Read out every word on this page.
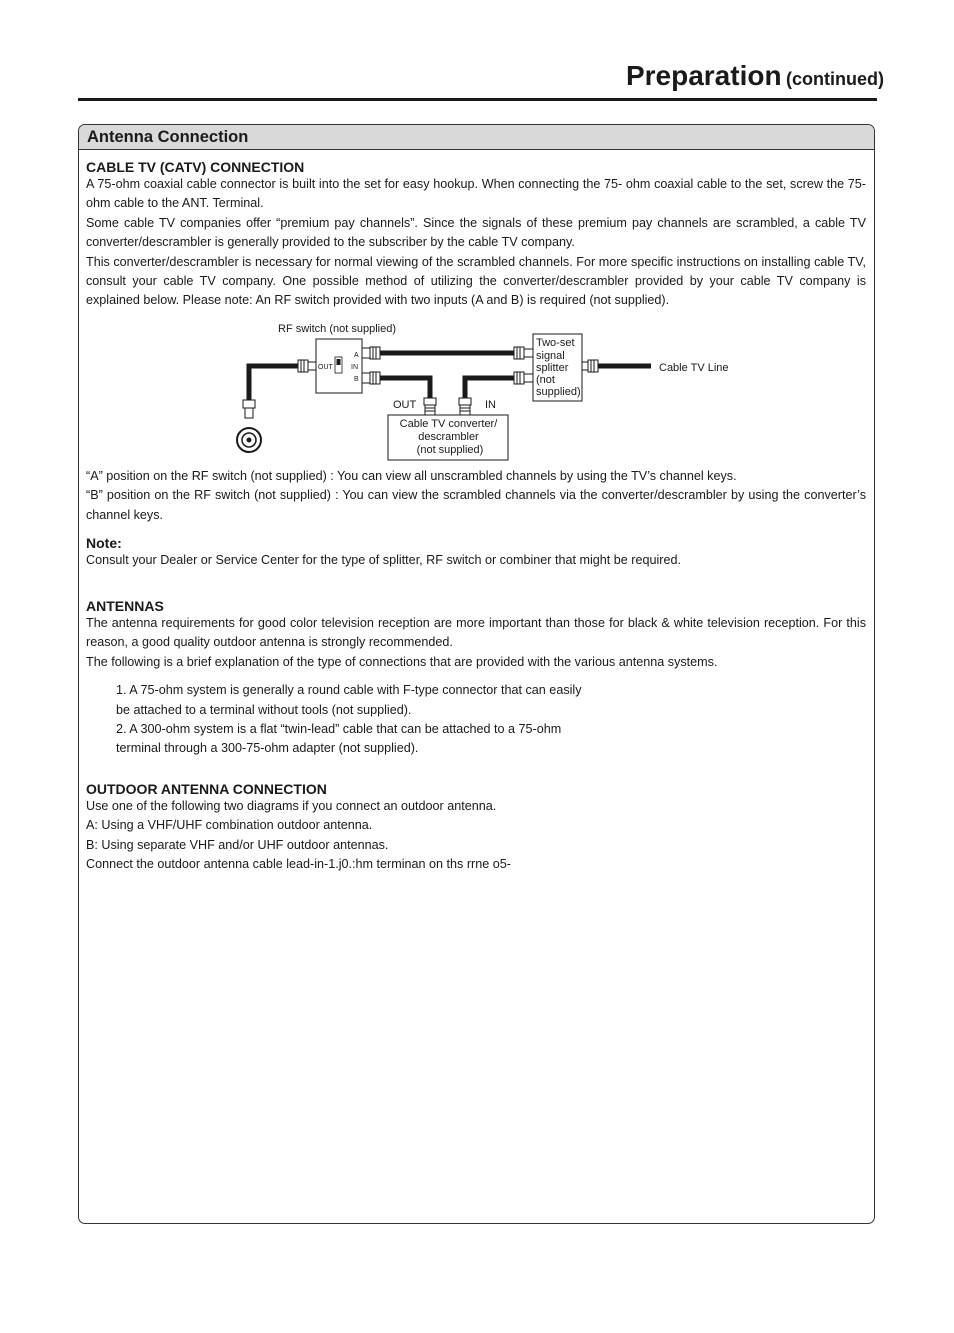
Preparation (continued)
Antenna Connection
CABLE TV (CATV) CONNECTION

A 75-ohm coaxial cable connector is built into the set for easy hookup. When connecting the 75- ohm coaxial cable to the set, screw the 75-ohm cable to the ANT. Terminal.

Some cable TV companies offer “premium pay channels”. Since the signals of these premium pay channels are scrambled, a cable TV converter/descrambler is generally provided to the subscriber by the cable TV company.

This converter/descrambler is necessary for normal viewing of the scrambled channels. For more specific instructions on installing cable TV, consult your cable TV company. One possible method of utilizing the converter/descrambler provided by your cable TV company is explained below. Please note: An RF switch provided with two inputs (A and B) is required (not supplied).

RF switch (not supplied)
OUT
A
IN
B
Two-set signal splitter (not supplied)
Cable TV Line
OUT	IN
Cable TV converter/ descrambler (not supplied)

“A” position on the RF switch (not supplied) : You can view all unscrambled channels by using the TV’s channel keys.

“B” position on the RF switch (not supplied) : You can view the scrambled channels via the converter/descrambler by using the converter’s channel keys.

Note:

Consult your Dealer or Service Center for the type of splitter, RF switch or combiner that might be required.

ANTENNAS

The antenna requirements for good color television reception are more important than those for black & white television reception. For this reason, a good quality outdoor antenna is strongly recommended.

The following is a brief explanation of the type of connections that are provided with the various antenna systems.

1. A 75-ohm system is generally a round cable with F-type connector that can easily be attached to a terminal without tools (not supplied).

2. A 300-ohm system is a flat “twin-lead” cable that can be attached to a 75-ohm terminal through a 300-75-ohm adapter (not supplied).

OUTDOOR ANTENNA CONNECTION

Use one of the following two diagrams if you connect an outdoor antenna.

A: Using a VHF/UHF combination outdoor antenna.

B: Using separate VHF and/or UHF outdoor antennas.

Connect the outdoor antenna cable lead-in-1.j0.:hm terminan on ths rrne o5-
